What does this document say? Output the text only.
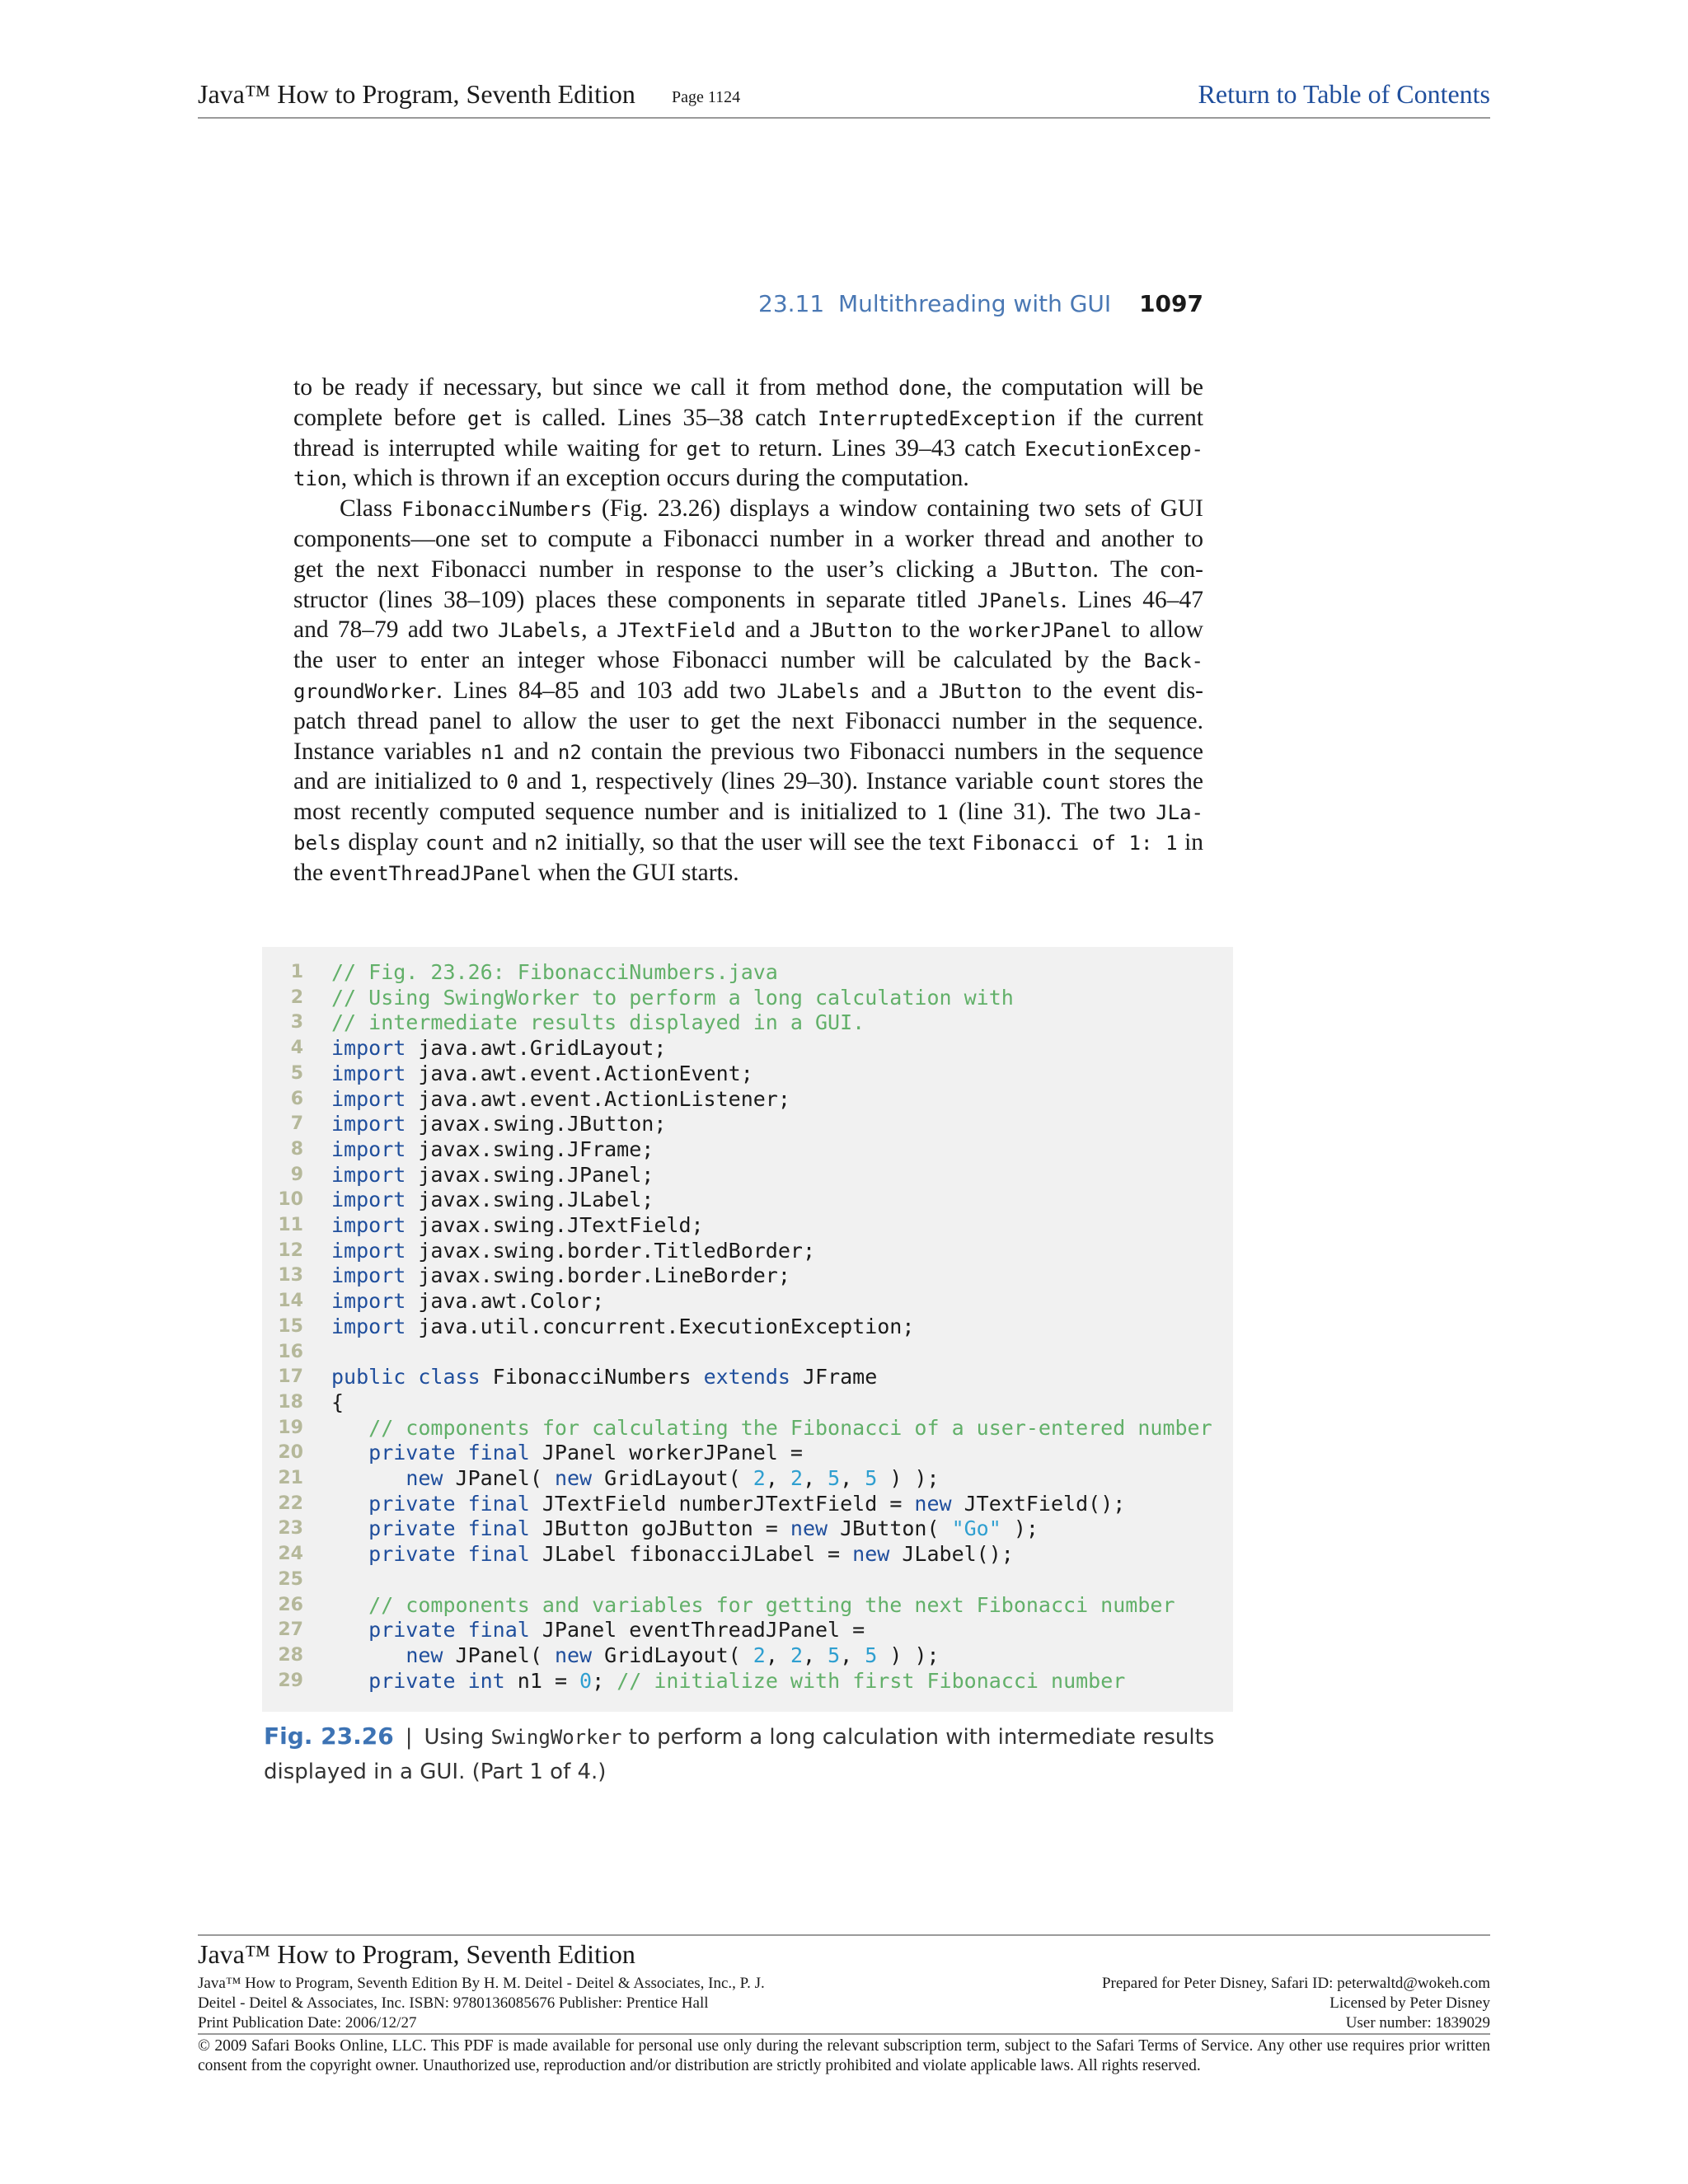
Java™ How to Program, Seventh Edition Page 1124	Return to Table of Contents
23.11 Multithreading with GUI 1097
to be ready if necessary, but since we call it from method done, the computation will be
complete before get is called. Lines 35–38 catch InterruptedException if the current
thread is interrupted while waiting for get to return. Lines 39–43 catch ExecutionExcep-
tion, which is thrown if an exception occurs during the computation.
Class FibonacciNumbers (Fig. 23.26) displays a window containing two sets of GUI
components—one set to compute a Fibonacci number in a worker thread and another to
get the next Fibonacci number in response to the user’s clicking a JButton. The con-
structor (lines 38–109) places these components in separate titled JPanels. Lines 46–47
and 78–79 add two JLabels, a JTextField and a JButton to the workerJPanel to allow
the user to enter an integer whose Fibonacci number will be calculated by the Back-
groundWorker. Lines 84–85 and 103 add two JLabels and a JButton to the event dis-
patch thread panel to allow the user to get the next Fibonacci number in the sequence.
Instance variables n1 and n2 contain the previous two Fibonacci numbers in the sequence
and are initialized to 0 and 1, respectively (lines 29–30). Instance variable count stores the
most recently computed sequence number and is initialized to 1 (line 31). The two JLa-
bels display count and n2 initially, so that the user will see the text Fibonacci of 1: 1 in
the eventThreadJPanel when the GUI starts.
1 // Fig. 23.26: FibonacciNumbers.java
2 // Using SwingWorker to perform a long calculation with
3 // intermediate results displayed in a GUI.
4 import java.awt.GridLayout;
5 import java.awt.event.ActionEvent;
6 import java.awt.event.ActionListener;
7 import javax.swing.JButton;
8 import javax.swing.JFrame;
9 import javax.swing.JPanel;
10 import javax.swing.JLabel;
11 import javax.swing.JTextField;
12 import javax.swing.border.TitledBorder;
13 import javax.swing.border.LineBorder;
14 import java.awt.Color;
15 import java.util.concurrent.ExecutionException;
16
17 public class FibonacciNumbers extends JFrame
18 {
19	// components for calculating the Fibonacci of a user-entered number
20	private final JPanel workerJPanel =
21	new JPanel( new GridLayout( 2, 2, 5, 5 ) );
22	private final JTextField numberJTextField = new JTextField();
23	private final JButton goJButton = new JButton( "Go" );
24	private final JLabel fibonacciJLabel = new JLabel();
25
26	// components and variables for getting the next Fibonacci number
27	private final JPanel eventThreadJPanel =
28	new JPanel( new GridLayout( 2, 2, 5, 5 ) );
29	private int n1 = 0; // initialize with first Fibonacci number
Fig. 23.26 | Using SwingWorker to perform a long calculation with intermediate results
displayed in a GUI. (Part 1 of 4.)
Java™ How to Program, Seventh Edition
Java™ How to Program, Seventh Edition By H. M. Deitel - Deitel & Associates, Inc., P. J.
Deitel - Deitel & Associates, Inc. ISBN: 9780136085676 Publisher: Prentice Hall
Print Publication Date: 2006/12/27
Prepared for Peter Disney, Safari ID: peterwaltd@wokeh.com
Licensed by Peter Disney
User number: 1839029
© 2009 Safari Books Online, LLC. This PDF is made available for personal use only during the relevant subscription term, subject to the Safari Terms of Service. Any other use requires prior written consent from the copyright owner. Unauthorized use, reproduction and/or distribution are strictly prohibited and violate applicable laws. All rights reserved.
